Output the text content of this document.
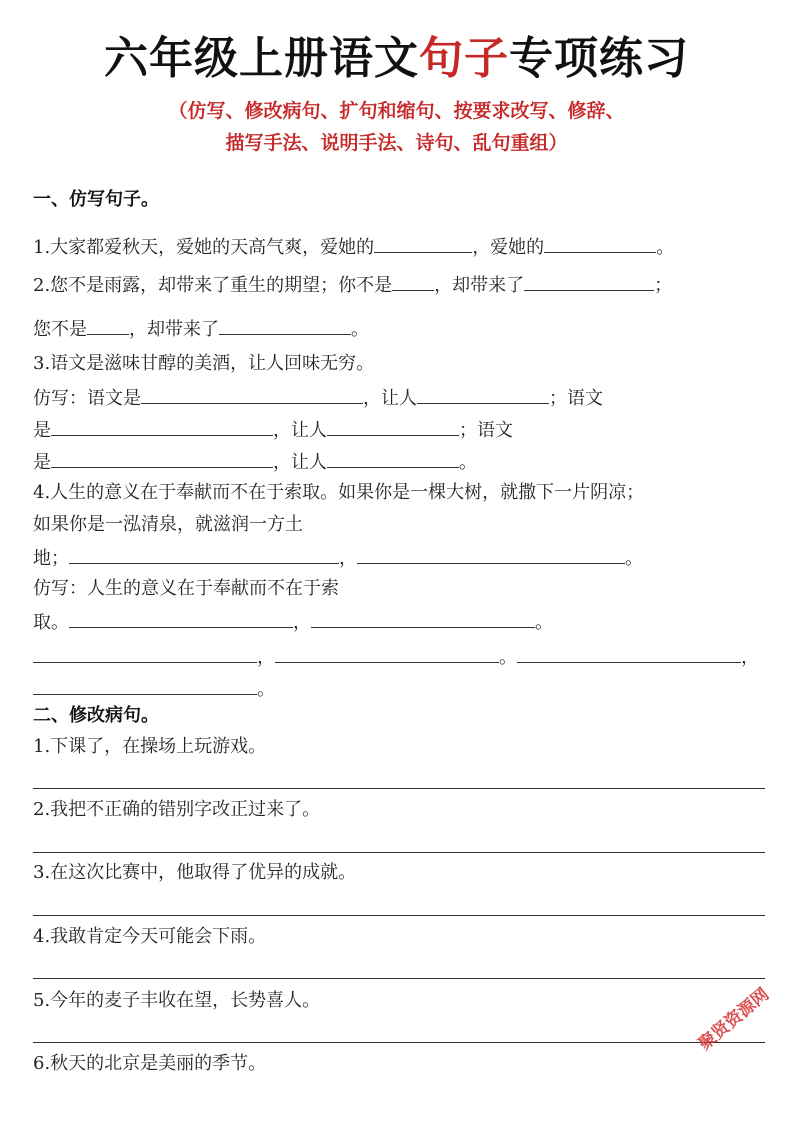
六年级上册语文句子专项练习
（仿写、修改病句、扩句和缩句、按要求改写、修辞、
描写手法、说明手法、诗句、乱句重组）
一、仿写句子。
1.大家都爱秋天，爱她的天高气爽，爱她的	，爱她的	。
2.您不是雨露，却带来了重生的期望；你不是 ，却带来了	；
您不是 ，却带来了	。
3.语文是滋味甘醇的美酒，让人回味无穷。
仿写：语文是	，让人	；语文
是	，让人	；语文
是	，让人	。
4.人生的意义在于奉献而不在于索取。如果你是一棵大树，就撒下一片阴凉；
如果你是一泓清泉，就滋润一方土
地；	，	。
仿写：人生的意义在于奉献而不在于索
取。	，	。
，	。	，
。
二、修改病句。
1.下课了，在操场上玩游戏。
2.我把不正确的错别字改正过来了。
3.在这次比赛中，他取得了优异的成就。
4.我敢肯定今天可能会下雨。
5.今年的麦子丰收在望，长势喜人。
6.秋天的北京是美丽的季节。
聚贤资源网
